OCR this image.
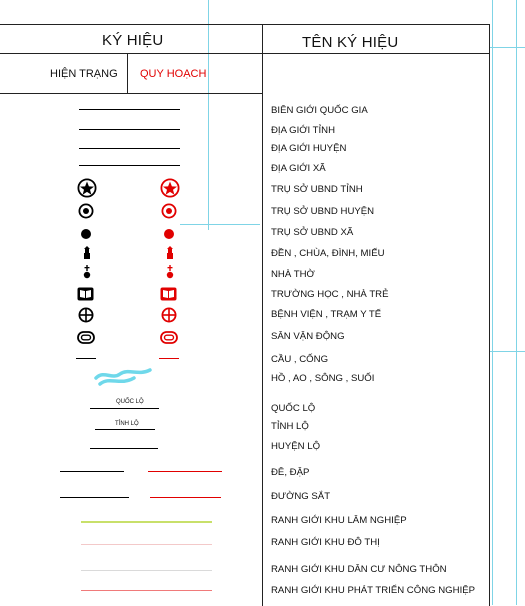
KÝ HIỆU	TÊN KÝ HIỆU
HIỆN TRẠNG QUY HOẠCH
BIÊN GIỚI QUỐC GIA
ĐỊA GIỚI TỈNH
ĐỊA GIỚI HUYỆN
ĐỊA GIỚI XÃ
TRỤ SỞ UBND TỈNH
TRỤ SỞ UBND HUYỆN
TRỤ SỞ UBND XÃ
ĐỀN , CHÙA, ĐÌNH, MIẾU
NHÀ THỜ
TRƯỜNG HỌC , NHÀ TRẺ
BỆNH VIỆN , TRẠM Y TẾ
SÂN VẬN ĐỘNG
CẦU , CỐNG
HỒ , AO , SÔNG , SUỐI
QUỐC LỘ
TỈNH LỘ
HUYỆN LỘ
ĐÊ, ĐẬP
ĐƯỜNG SẮT
RANH GIỚI KHU LÂM NGHIỆP
RANH GIỚI KHU ĐÔ THỊ
RANH GIỚI KHU DÂN CƯ NÔNG THÔN
RANH GIỚI KHU PHÁT TRIỂN CÔNG NGHIỆP
QUỐC LỘ
TỈNH LỘ
